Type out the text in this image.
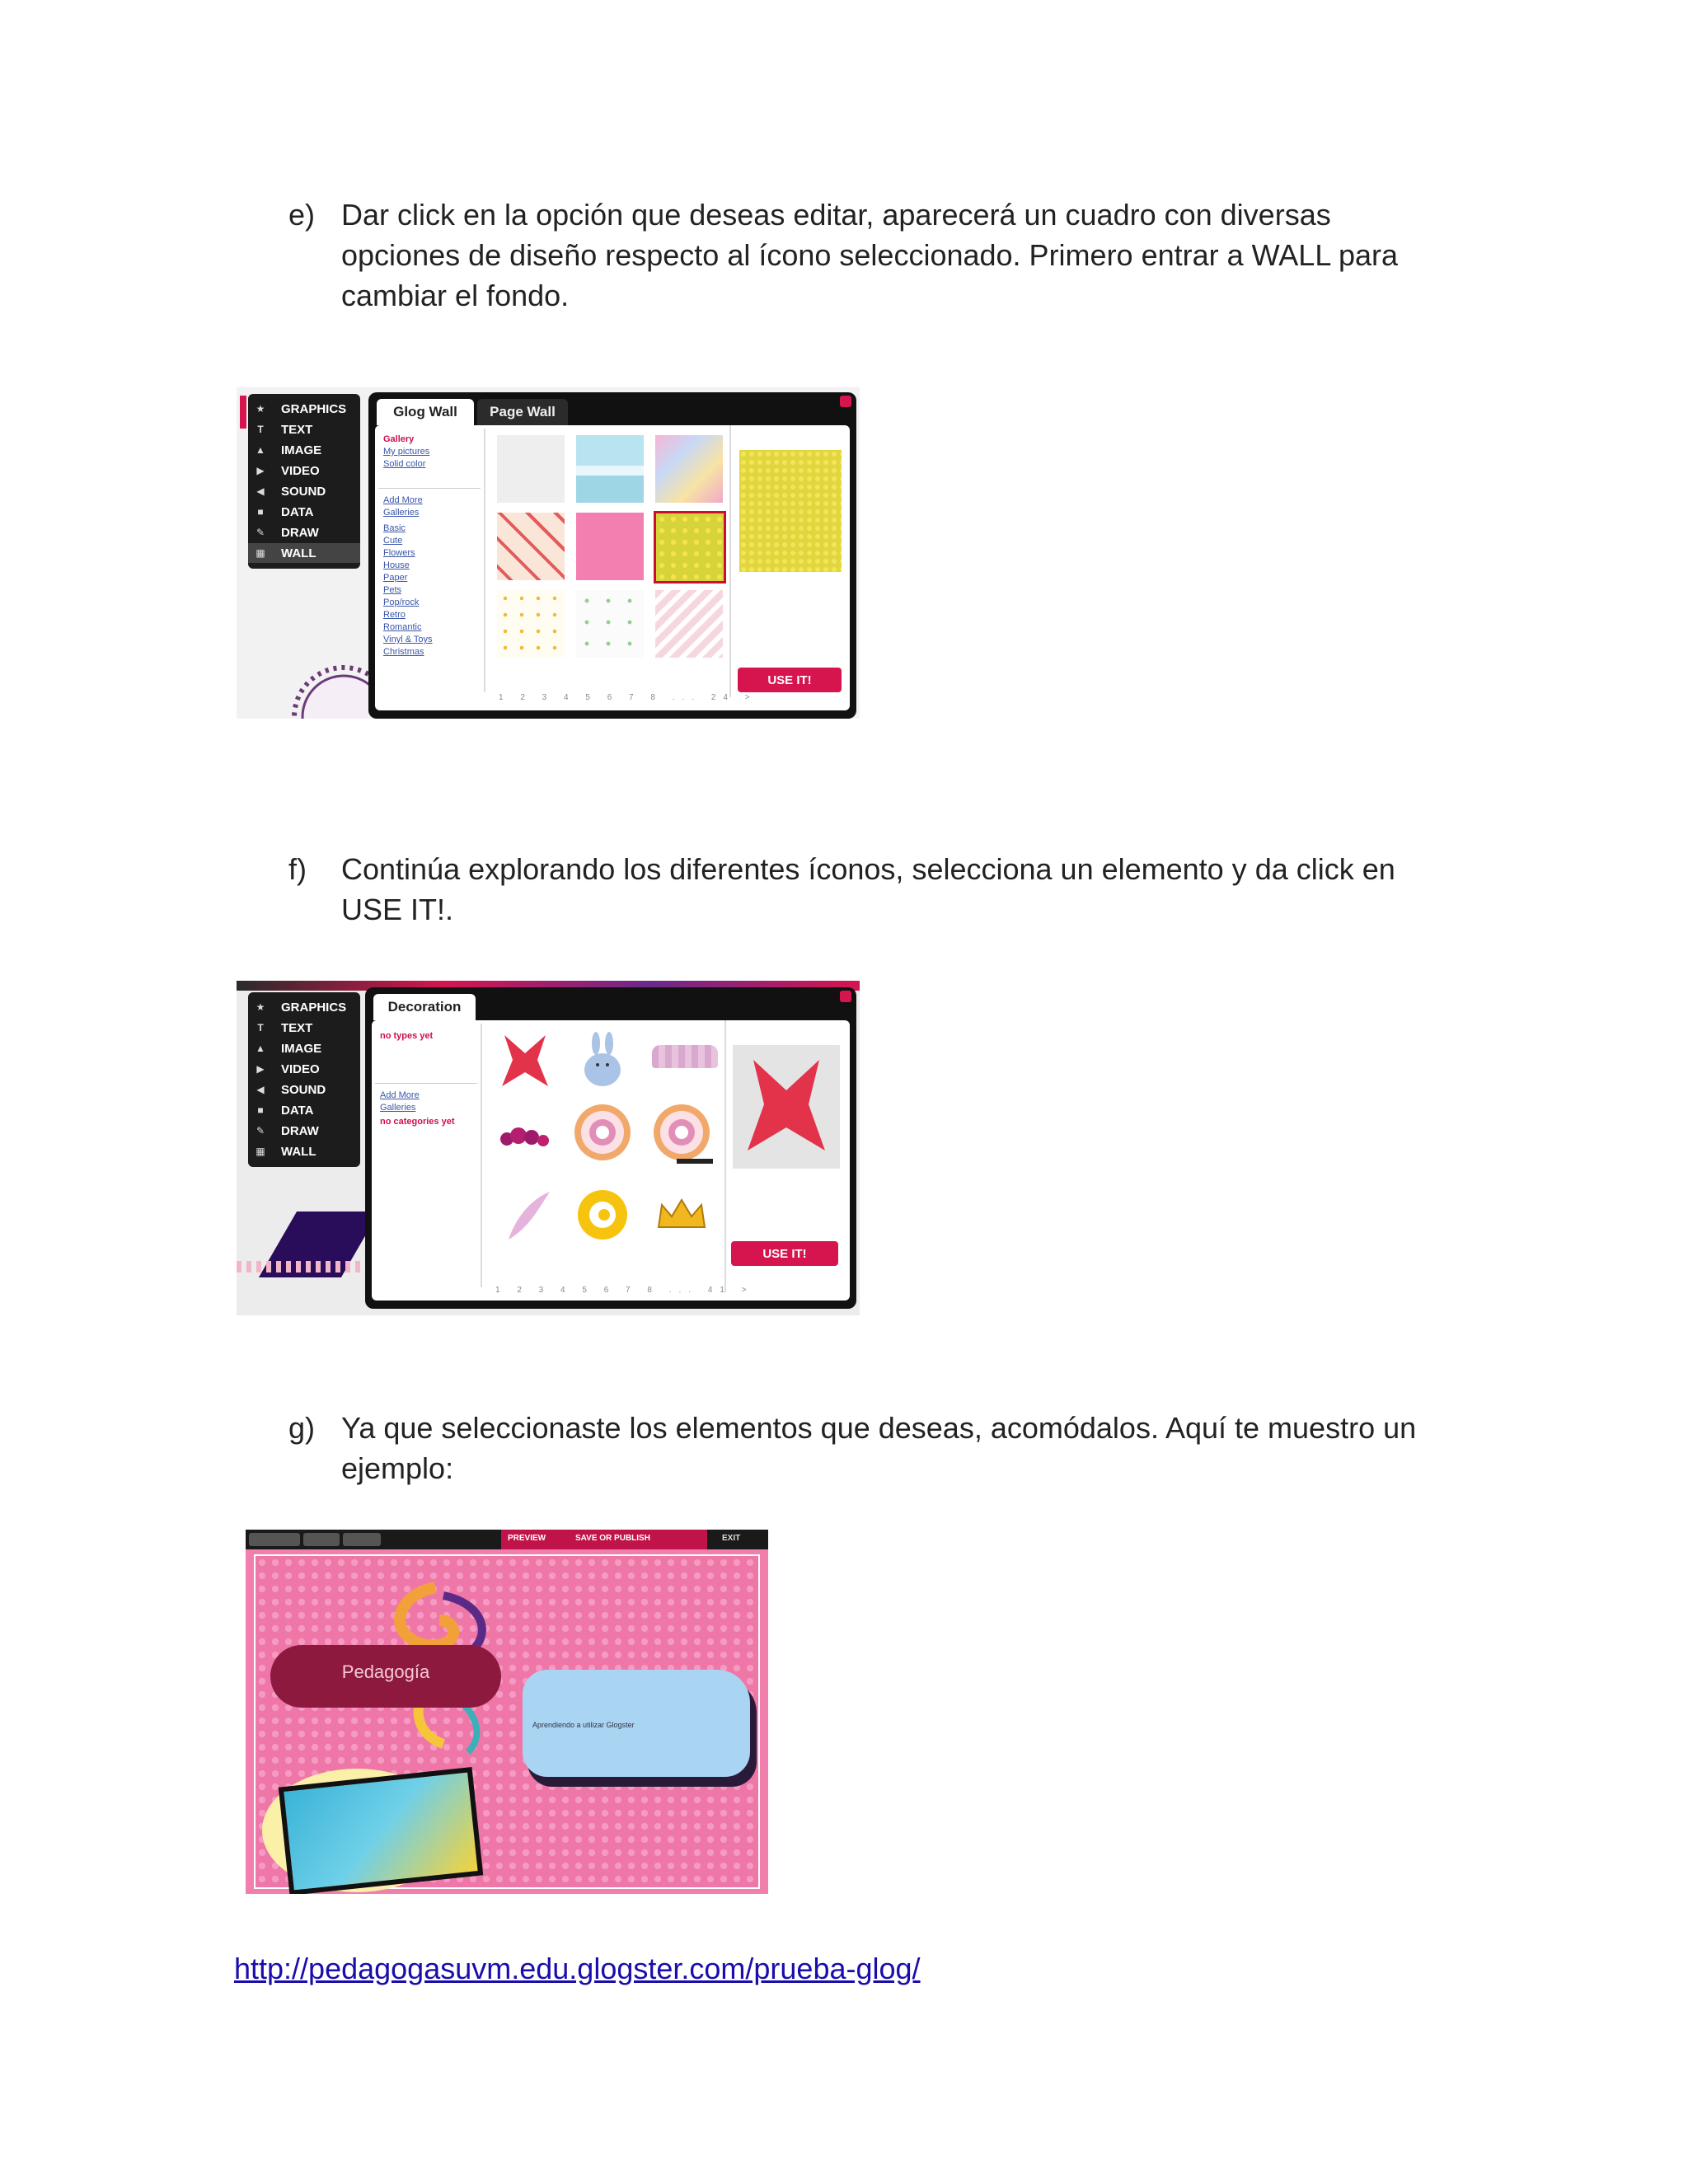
e) Dar click en la opción que deseas editar, aparecerá un cuadro con diversas opciones de diseño respecto al ícono seleccionado. Primero entrar a WALL para cambiar el fondo.
★ GRAPHICS
T TEXT
▲ IMAGE
▶ VIDEO
◀ SOUND
■ DATA
✎ DRAW
▦ WALL
Glog Wall	Page Wall
Gallery
My pictures
Solid color
Add More Galleries
Basic
Cute
Flowers
House
Paper
Pets
Pop/rock
Retro
Romantic
Vinyl & Toys
Christmas
USE IT!
1 2 3 4 5 6 7 8 ... 24 >
f)	Continúa explorando los diferentes íconos, selecciona un elemento y da click en USE IT!.
★ GRAPHICS
T TEXT
▲ IMAGE
▶ VIDEO
◀ SOUND
■ DATA
✎ DRAW
▦ WALL
Decoration
no types yet
Add More Galleries
no categories yet
USE IT!
1 2 3 4 5 6 7 8 ... 41 >
g) Ya que seleccionaste los elementos que deseas, acomódalos. Aquí te muestro un ejemplo:
PREVIEW	SAVE OR PUBLISH	EXIT
Pedagogía
Aprendiendo a utilizar Glogster
http://pedagogasuvm.edu.glogster.com/prueba-glog/
